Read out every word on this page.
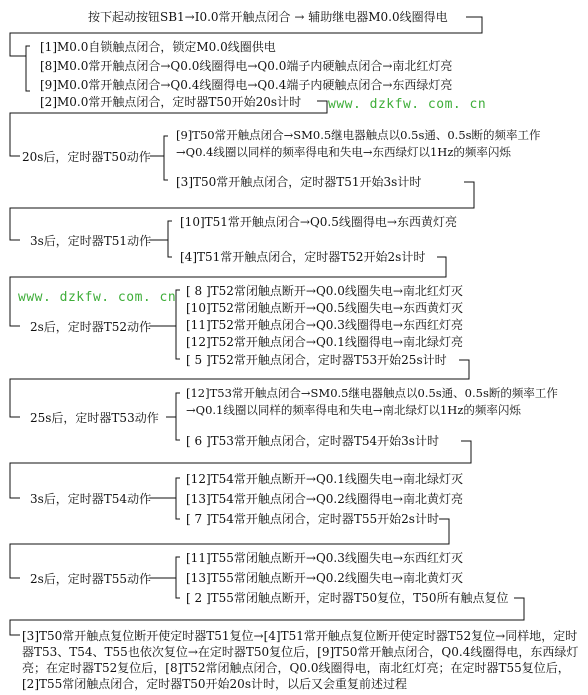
按下起动按钮SB1→I0.0常开触点闭合 → 辅助继电器M0.0线圈得电
[1]M0.0自锁触点闭合，锁定M0.0线圈供电
[8]M0.0常开触点闭合→Q0.0线圈得电→Q0.0端子内硬触点闭合→南北红灯亮
[9]M0.0常开触点闭合→Q0.4线圈得电→Q0.4端子内硬触点闭合→东西绿灯亮
[2]M0.0常开触点闭合，定时器T50开始20s计时 www. dzkfw. com. cn
20s后，定时器T50动作
[9]T50常开触点闭合→SM0.5继电器触点以0.5s通、0.5s断的频率工作
→Q0.4线圈以同样的频率得电和失电→东西绿灯以1Hz的频率闪烁
[3]T50常开触点闭合，定时器T51开始3s计时
3s后，定时器T51动作
[10]T51常开触点闭合→Q0.5线圈得电→东西黄灯亮
[4]T51常开触点闭合，定时器T52开始2s计时
www. dzkfw. com. cn
2s后，定时器T52动作
[ 8 ]T52常闭触点断开→Q0.0线圈失电→南北红灯灭
[10]T52常闭触点断开→Q0.5线圈失电→东西黄灯灭
[11]T52常开触点闭合→Q0.3线圈得电→东西红灯亮
[12]T52常开触点闭合→Q0.1线圈得电→南北绿灯亮
[ 5 ]T52常开触点闭合，定时器T53开始25s计时
25s后，定时器T53动作
[12]T53常开触点闭合→SM0.5继电器触点以0.5s通、0.5s断的频率工作
→Q0.1线圈以同样的频率得电和失电→南北绿灯以1Hz的频率闪烁
[ 6 ]T53常开触点闭合，定时器T54开始3s计时
3s后，定时器T54动作
[12]T54常开触点断开→Q0.1线圈失电→南北绿灯灭
[13]T54常开触点闭合→Q0.2线圈得电→南北黄灯亮
[ 7 ]T54常开触点闭合，定时器T55开始2s计时
2s后，定时器T55动作
[11]T55常闭触点断开→Q0.3线圈失电→东西红灯灭
[13]T55常闭触点断开→Q0.2线圈失电→南北黄灯灭
[ 2 ]T55常闭触点断开，定时器T50复位，T50所有触点复位
[3]T50常开触点复位断开使定时器T51复位→[4]T51常开触点复位断开使定时器T52复位→同样地，定时器T53、T54、T55也依次复位→在定时器T50复位后，[9]T50常开触点闭合，Q0.4线圈得电，东西绿灯亮；在定时器T52复位后，[8]T52常闭触点闭合，Q0.0线圈得电，南北红灯亮；在定时器T55复位后，[2]T55常闭触点闭合，定时器T50开始20s计时，以后又会重复前述过程
